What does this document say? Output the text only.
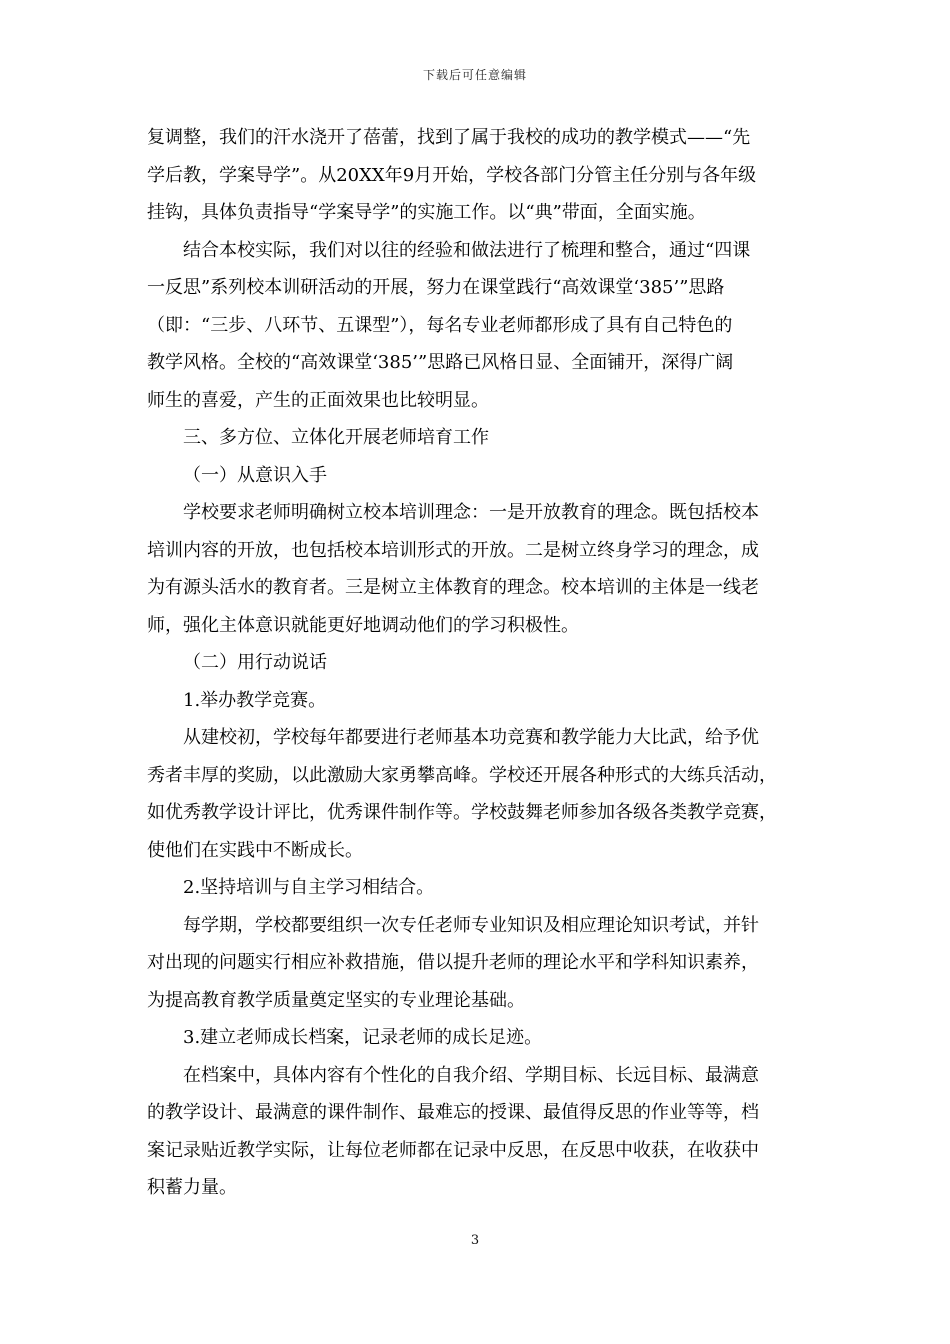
下载后可任意编辑
复调整，我们的汗水浇开了蓓蕾，找到了属于我校的成功的教学模式——“先
学后教，学案导学”。从20XX年9月开始，学校各部门分管主任分别与各年级
挂钩，具体负责指导“学案导学”的实施工作。以“典”带面，全面实施。
结合本校实际，我们对以往的经验和做法进行了梳理和整合，通过“四课
一反思”系列校本训研活动的开展，努力在课堂践行“高效课堂‘385’”思路
（即：“三步、八环节、五课型”），每名专业老师都形成了具有自己特色的
教学风格。全校的“高效课堂‘385’”思路已风格日显、全面铺开，深得广阔
师生的喜爱，产生的正面效果也比较明显。
三、多方位、立体化开展老师培育工作
（一）从意识入手
学校要求老师明确树立校本培训理念：一是开放教育的理念。既包括校本
培训内容的开放，也包括校本培训形式的开放。二是树立终身学习的理念，成
为有源头活水的教育者。三是树立主体教育的理念。校本培训的主体是一线老
师，强化主体意识就能更好地调动他们的学习积极性。
（二）用行动说话
1.举办教学竞赛。
从建校初，学校每年都要进行老师基本功竞赛和教学能力大比武，给予优
秀者丰厚的奖励，以此激励大家勇攀高峰。学校还开展各种形式的大练兵活动，
如优秀教学设计评比，优秀课件制作等。学校鼓舞老师参加各级各类教学竞赛，
使他们在实践中不断成长。
2.坚持培训与自主学习相结合。
每学期，学校都要组织一次专任老师专业知识及相应理论知识考试，并针
对出现的问题实行相应补救措施，借以提升老师的理论水平和学科知识素养，
为提高教育教学质量奠定坚实的专业理论基础。
3.建立老师成长档案，记录老师的成长足迹。
在档案中，具体内容有个性化的自我介绍、学期目标、长远目标、最满意
的教学设计、最满意的课件制作、最难忘的授课、最值得反思的作业等等，档
案记录贴近教学实际，让每位老师都在记录中反思，在反思中收获，在收获中
积蓄力量。
3
